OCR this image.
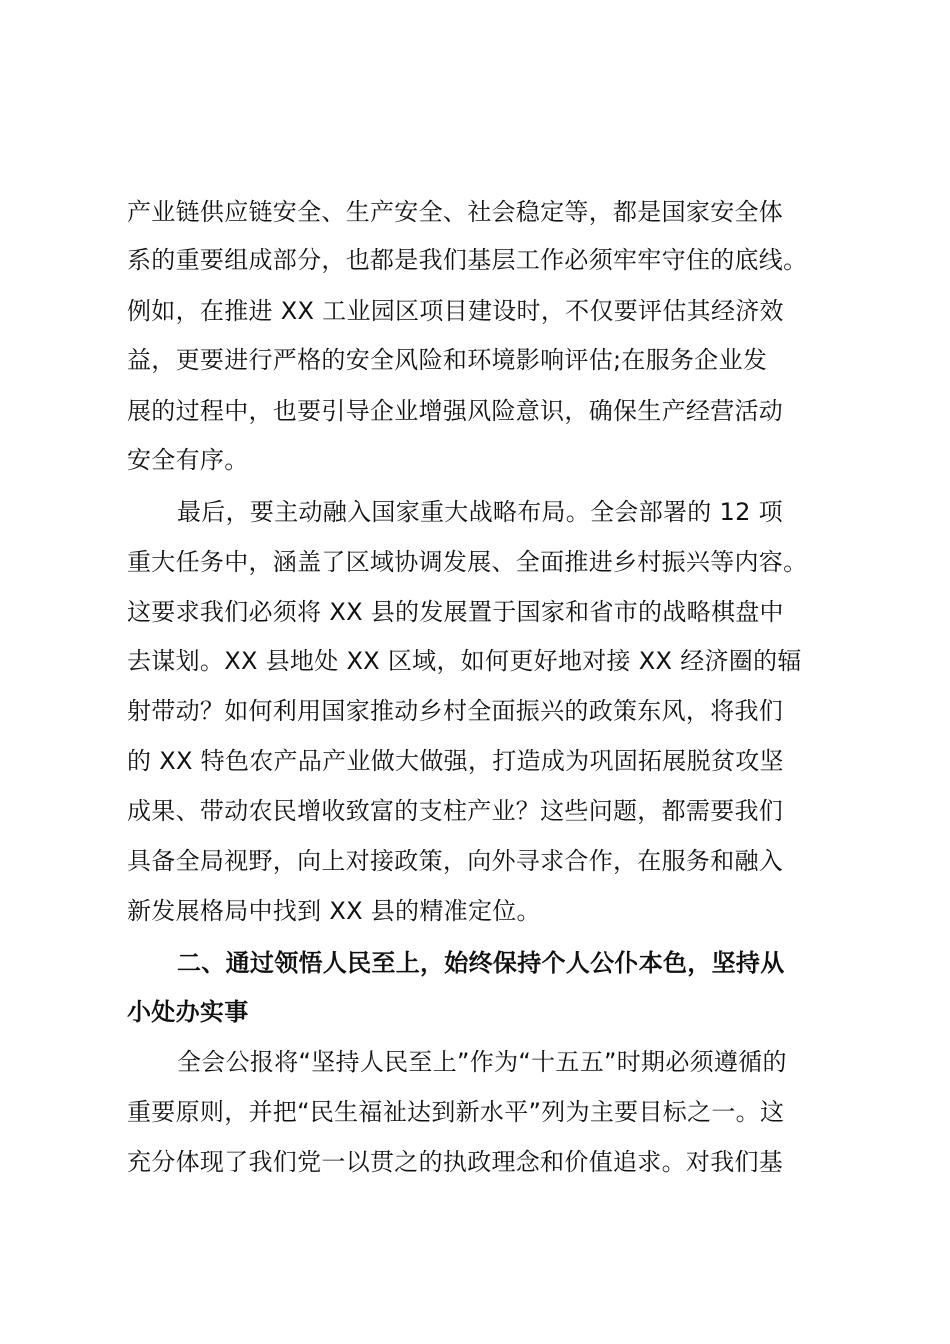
产业链供应链安全、生产安全、社会稳定等，都是国家安全体
系的重要组成部分，也都是我们基层工作必须牢牢守住的底线。
例如，在推进 XX 工业园区项目建设时，不仅要评估其经济效
益，更要进行严格的安全风险和环境影响评估;在服务企业发
展的过程中，也要引导企业增强风险意识，确保生产经营活动
安全有序。
最后，要主动融入国家重大战略布局。全会部署的 12 项
重大任务中，涵盖了区域协调发展、全面推进乡村振兴等内容。
这要求我们必须将 XX 县的发展置于国家和省市的战略棋盘中
去谋划。XX 县地处 XX 区域，如何更好地对接 XX 经济圈的辐
射带动？如何利用国家推动乡村全面振兴的政策东风，将我们
的 XX 特色农产品产业做大做强，打造成为巩固拓展脱贫攻坚
成果、带动农民增收致富的支柱产业？这些问题，都需要我们
具备全局视野，向上对接政策，向外寻求合作，在服务和融入
新发展格局中找到 XX 县的精准定位。
二、通过领悟人民至上，始终保持个人公仆本色，坚持从
小处办实事
全会公报将“坚持人民至上”作为“十五五”时期必须遵循的
重要原则，并把“民生福祉达到新水平”列为主要目标之一。这
充分体现了我们党一以贯之的执政理念和价值追求。对我们基
